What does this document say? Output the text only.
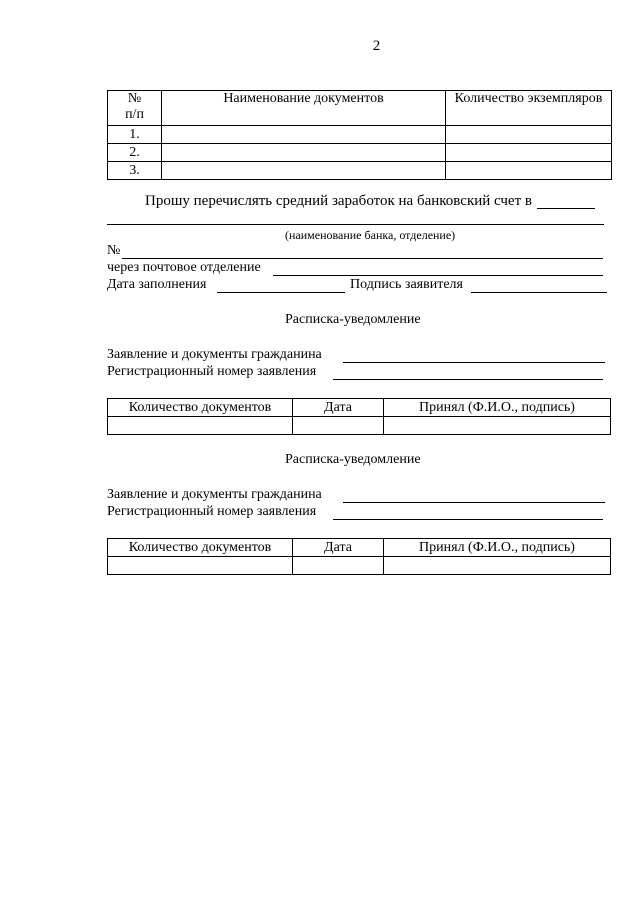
2
№
п/п	Наименование документов	Количество экземпляров
1.		
2.		
3.		
Прошу перечислять средний заработок на банковский счет в
(наименование банка, отделение)
№
через почтовое отделение
Дата заполнения	Подпись заявителя
Расписка-уведомление
Заявление и документы гражданина
Регистрационный номер заявления
Количество документов	Дата	Принял (Ф.И.О., подпись)

Расписка-уведомление
Заявление и документы гражданина
Регистрационный номер заявления
Количество документов	Дата	Принял (Ф.И.О., подпись)
